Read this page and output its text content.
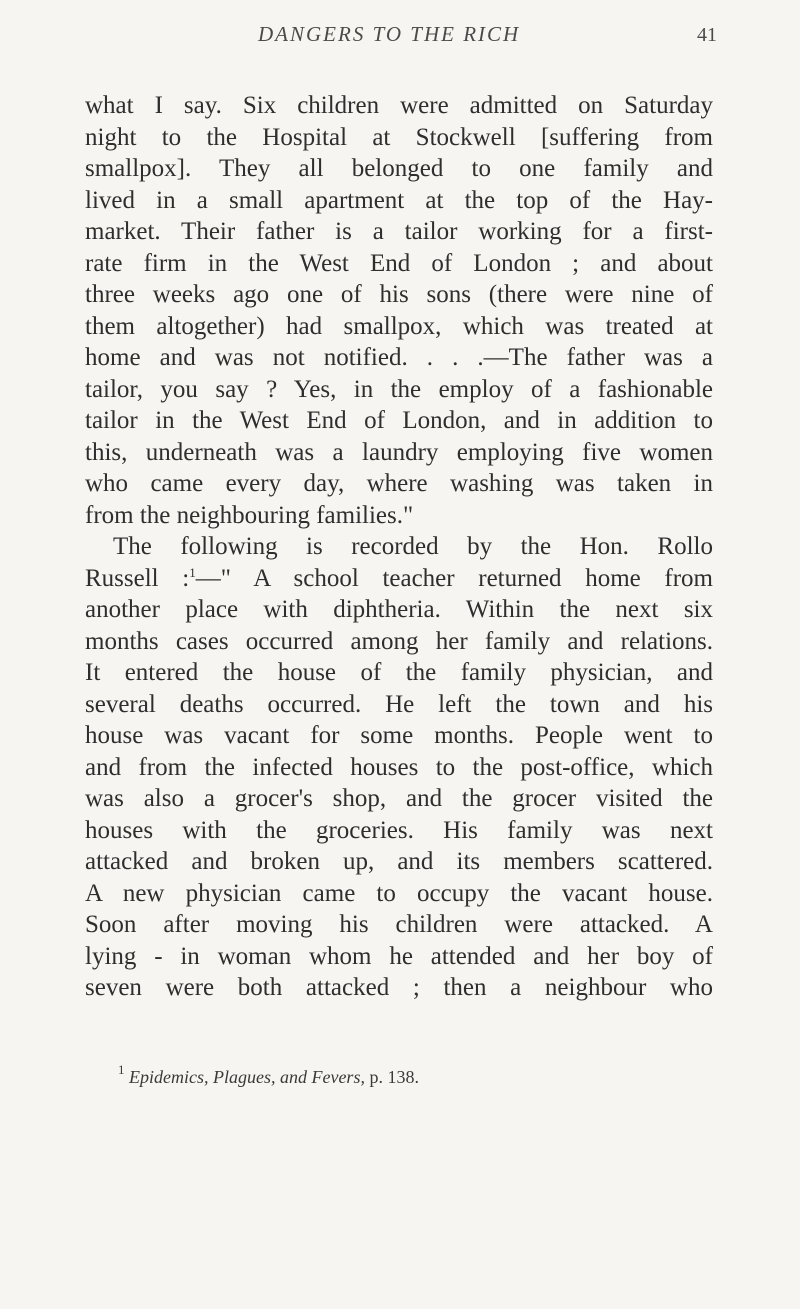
DANGERS TO THE RICH	41
what I say. Six children were admitted on Saturday
night to the Hospital at Stockwell [suffering from
smallpox]. They all belonged to one family and
lived in a small apartment at the top of the Hay-
market. Their father is a tailor working for a first-
rate firm in the West End of London ; and about
three weeks ago one of his sons (there were nine of
them altogether) had smallpox, which was treated at
home and was not notified. . . .—The father was a
tailor, you say ? Yes, in the employ of a fashionable
tailor in the West End of London, and in addition to
this, underneath was a laundry employing five women
who came every day, where washing was taken in
from the neighbouring families."
The following is recorded by the Hon. Rollo
Russell :$^1$—" A school teacher returned home from
another place with diphtheria. Within the next six
months cases occurred among her family and relations.
It entered the house of the family physician, and
several deaths occurred. He left the town and his
house was vacant for some months. People went to
and from the infected houses to the post-office, which
was also a grocer's shop, and the grocer visited the
houses with the groceries. His family was next
attacked and broken up, and its members scattered.
A new physician came to occupy the vacant house.
Soon after moving his children were attacked. A
lying - in woman whom he attended and her boy of
seven were both attacked ; then a neighbour who
$^1$ Epidemics, Plagues, and Fevers, p. 138.
